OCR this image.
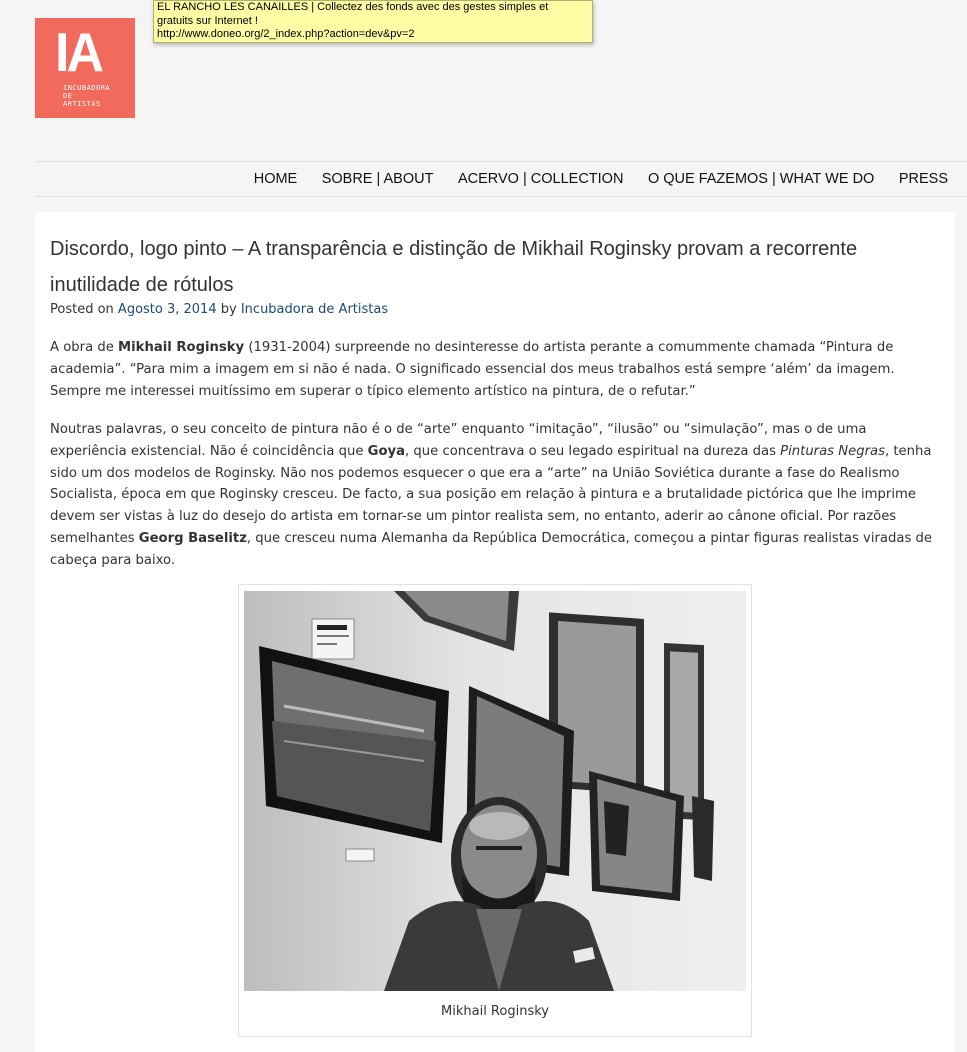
IA
INCUBADORA
DE
ARTISTAS
EL RANCHO LES CANAILLES | Collectez des fonds avec des gestes simples et
gratuits sur Internet !
http://www.doneo.org/2_index.php?action=dev&pv=2
HOME SOBRE | ABOUT ACERVO | COLLECTION O QUE FAZEMOS | WHAT WE DO PRESS
Discordo, logo pinto – A transparência e distinção de Mikhail Roginsky provam a recorrente inutilidade de rótulos
Posted on Agosto 3, 2014 by Incubadora de Artistas

A obra de Mikhail Roginsky (1931-2004) surpreende no desinteresse do artista perante a comummente chamada “Pintura de academia”. “Para mim a imagem em si não é nada. O significado essencial dos meus trabalhos está sempre ‘além’ da imagem. Sempre me interessei muitíssimo em superar o típico elemento artístico na pintura, de o refutar.”

Noutras palavras, o seu conceito de pintura não é o de “arte” enquanto “imitação”, “ilusão” ou “simulação”, mas o de uma experiência existencial. Não é coincidência que Goya, que concentrava o seu legado espiritual na dureza das Pinturas Negras, tenha sido um dos modelos de Roginsky. Não nos podemos esquecer o que era a “arte” na União Soviética durante a fase do Realismo Socialista, época em que Roginsky cresceu. De facto, a sua posição em relação à pintura e a brutalidade pictórica que lhe imprime devem ser vistas à luz do desejo do artista em tornar-se um pintor realista sem, no entanto, aderir ao cânone oficial. Por razões semelhantes Georg Baselitz, que cresceu numa Alemanha da República Democrática, começou a pintar figuras realistas viradas de cabeça para baixo.

Mikhail Roginsky
